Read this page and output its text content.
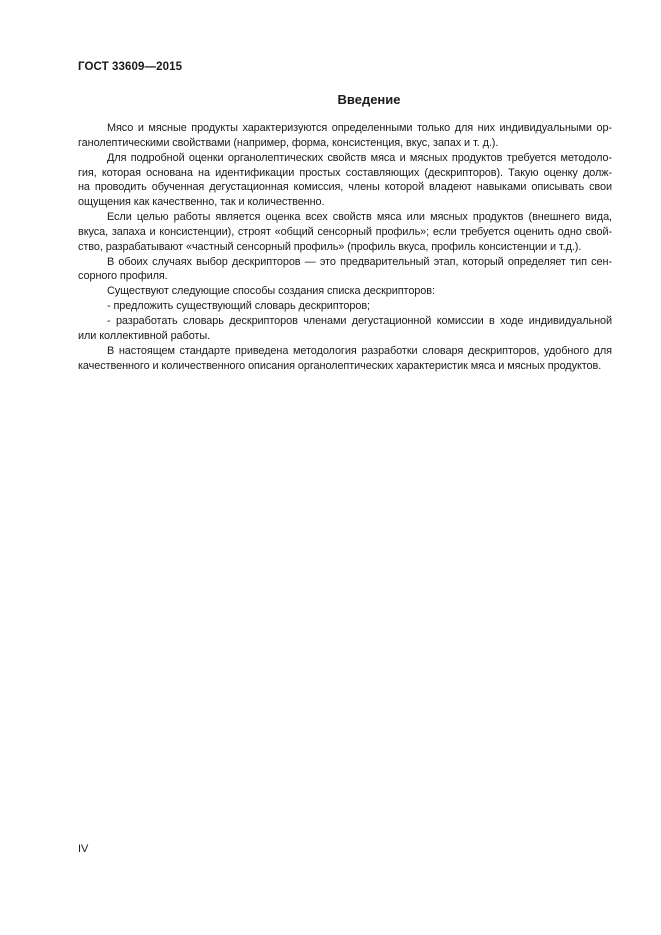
ГОСТ 33609—2015
Введение
Мясо и мясные продукты характеризуются определенными только для них индивидуальными ор-
ганолептическими свойствами (например, форма, консистенция, вкус, запах и т. д.).
Для подробной оценки органолептических свойств мяса и мясных продуктов требуется методоло-
гия, которая основана на идентификации простых составляющих (дескрипторов). Такую оценку долж-
на проводить обученная дегустационная комиссия, члены которой владеют навыками описывать свои
ощущения как качественно, так и количественно.
Если целью работы является оценка всех свойств мяса или мясных продуктов (внешнего вида,
вкуса, запаха и консистенции), строят «общий сенсорный профиль»; если требуется оценить одно свой-
ство, разрабатывают «частный сенсорный профиль» (профиль вкуса, профиль консистенции и т.д.).
В обоих случаях выбор дескрипторов — это предварительный этап, который определяет тип сен-
сорного профиля.
Существуют следующие способы создания списка дескрипторов:
- предложить существующий словарь дескрипторов;
- разработать словарь дескрипторов членами дегустационной комиссии в ходе индивидуальной
или коллективной работы.
В настоящем стандарте приведена методология разработки словаря дескрипторов, удобного для
качественного и количественного описания органолептических характеристик мяса и мясных продуктов.
IV
